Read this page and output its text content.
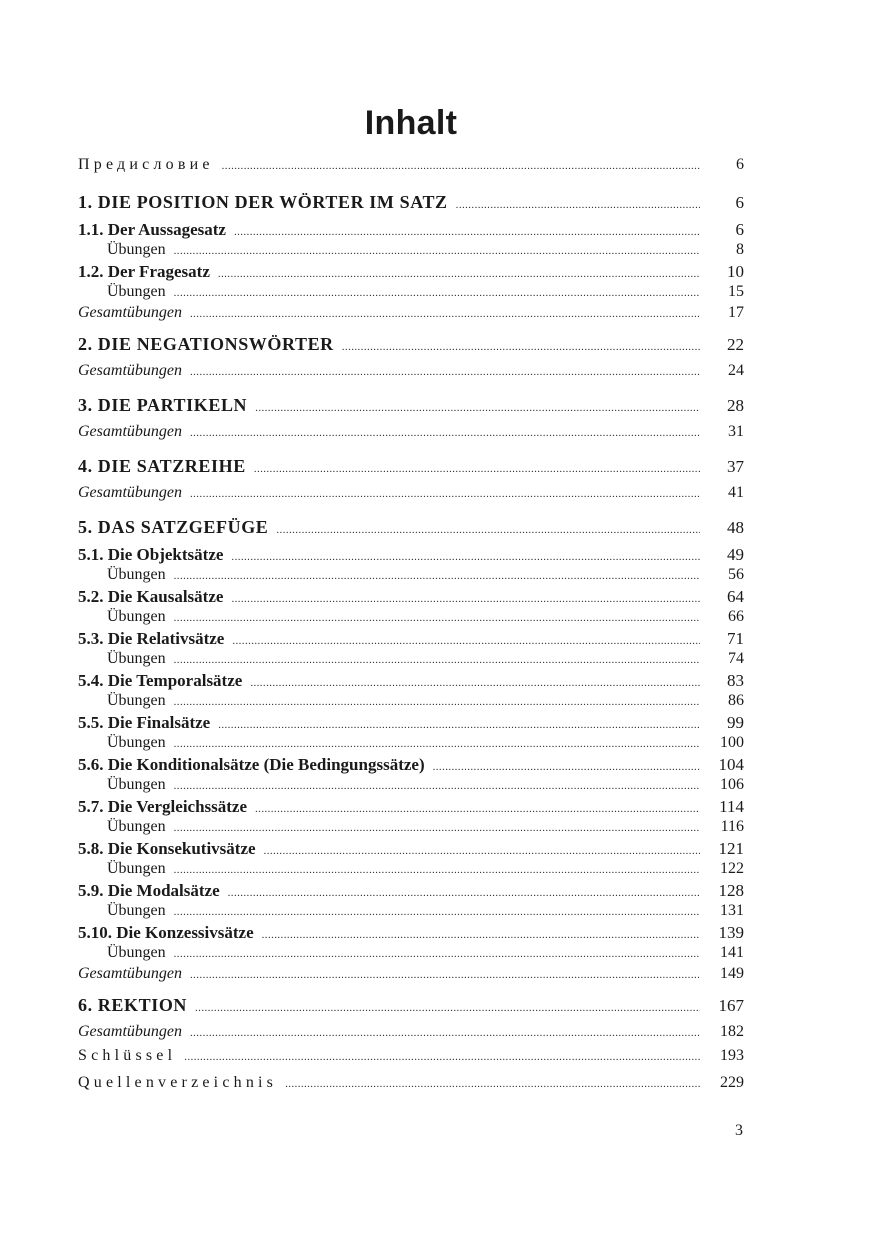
Inhalt
Предисловие .....	6
1. DIE POSITION DER WÖRTER IM SATZ .....	6
1.1. Der Aussagesatz .....	6
Übungen .....	8
1.2. Der Fragesatz .....	10
Übungen .....	15
Gesamtübungen .....	17
2. DIE NEGATIONSWÖRTER .....	22
Gesamtübungen .....	24
3. DIE PARTIKELN .....	28
Gesamtübungen .....	31
4. DIE SATZREIHE .....	37
Gesamtübungen .....	41
5. DAS SATZGEFÜGE .....	48
5.1. Die Objektsätze .....	49
Übungen .....	56
5.2. Die Kausalsätze .....	64
Übungen .....	66
5.3. Die Relativsätze .....	71
Übungen .....	74
5.4. Die Temporalsätze .....	83
Übungen .....	86
5.5. Die Finalsätze .....	99
Übungen .....	100
5.6. Die Konditionalsätze (Die Bedingungssätze) .....	104
Übungen .....	106
5.7. Die Vergleichssätze .....	114
Übungen .....	116
5.8. Die Konsekutivsätze .....	121
Übungen .....	122
5.9. Die Modalsätze .....	128
Übungen .....	131
5.10. Die Konzessivsätze .....	139
Übungen .....	141
Gesamtübungen .....	149
6. REKTION .....	167
Gesamtübungen .....	182
Schlüssel .....	193
Quellenverzeichnis .....	229
3
